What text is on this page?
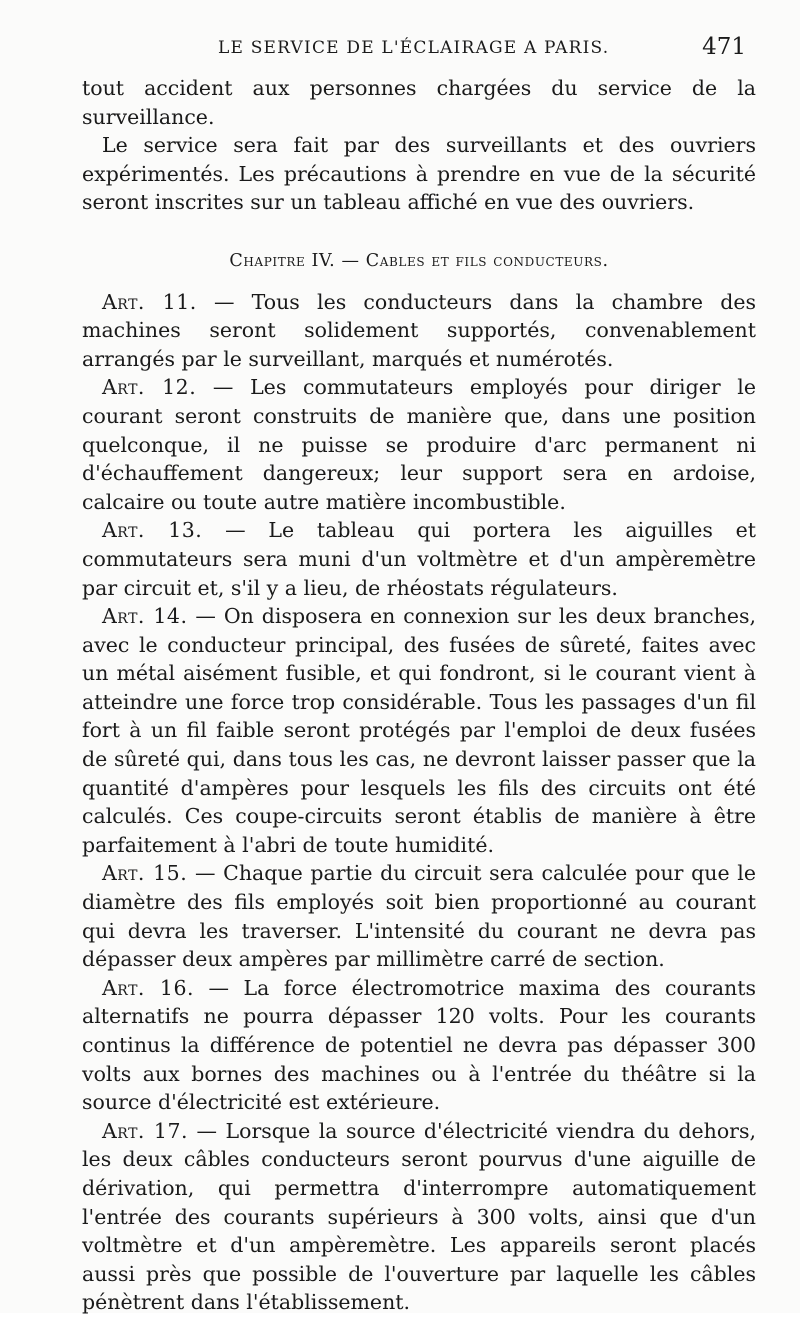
LE SERVICE DE L'ÉCLAIRAGE A PARIS.	471

tout accident aux personnes chargées du service de la surveillance.

Le service sera fait par des surveillants et des ouvriers expérimentés. Les précautions à prendre en vue de la sécurité seront inscrites sur un tableau affiché en vue des ouvriers.

Chapitre IV. — Cables et fils conducteurs.

Art. 11. — Tous les conducteurs dans la chambre des machines seront solidement supportés, convenablement arrangés par le surveillant, marqués et numérotés.

Art. 12. — Les commutateurs employés pour diriger le courant seront construits de manière que, dans une position quelconque, il ne puisse se produire d'arc permanent ni d'échauffement dangereux; leur support sera en ardoise, calcaire ou toute autre matière incombustible.

Art. 13. — Le tableau qui portera les aiguilles et commutateurs sera muni d'un voltmètre et d'un ampèremètre par circuit et, s'il y a lieu, de rhéostats régulateurs.

Art. 14. — On disposera en connexion sur les deux branches, avec le conducteur principal, des fusées de sûreté, faites avec un métal aisément fusible, et qui fondront, si le courant vient à atteindre une force trop considérable. Tous les passages d'un fil fort à un fil faible seront protégés par l'emploi de deux fusées de sûreté qui, dans tous les cas, ne devront laisser passer que la quantité d'ampères pour lesquels les fils des circuits ont été calculés. Ces coupe-circuits seront établis de manière à être parfaitement à l'abri de toute humidité.

Art. 15. — Chaque partie du circuit sera calculée pour que le diamètre des fils employés soit bien proportionné au courant qui devra les traverser. L'intensité du courant ne devra pas dépasser deux ampères par millimètre carré de section.

Art. 16. — La force électromotrice maxima des courants alternatifs ne pourra dépasser 120 volts. Pour les courants continus la différence de potentiel ne devra pas dépasser 300 volts aux bornes des machines ou à l'entrée du théâtre si la source d'électricité est extérieure.

Art. 17. — Lorsque la source d'électricité viendra du dehors, les deux câbles conducteurs seront pourvus d'une aiguille de dérivation, qui permettra d'interrompre automatiquement l'entrée des courants supérieurs à 300 volts, ainsi que d'un voltmètre et d'un ampèremètre. Les appareils seront placés aussi près que possible de l'ouverture par laquelle les câbles pénètrent dans l'établissement.
